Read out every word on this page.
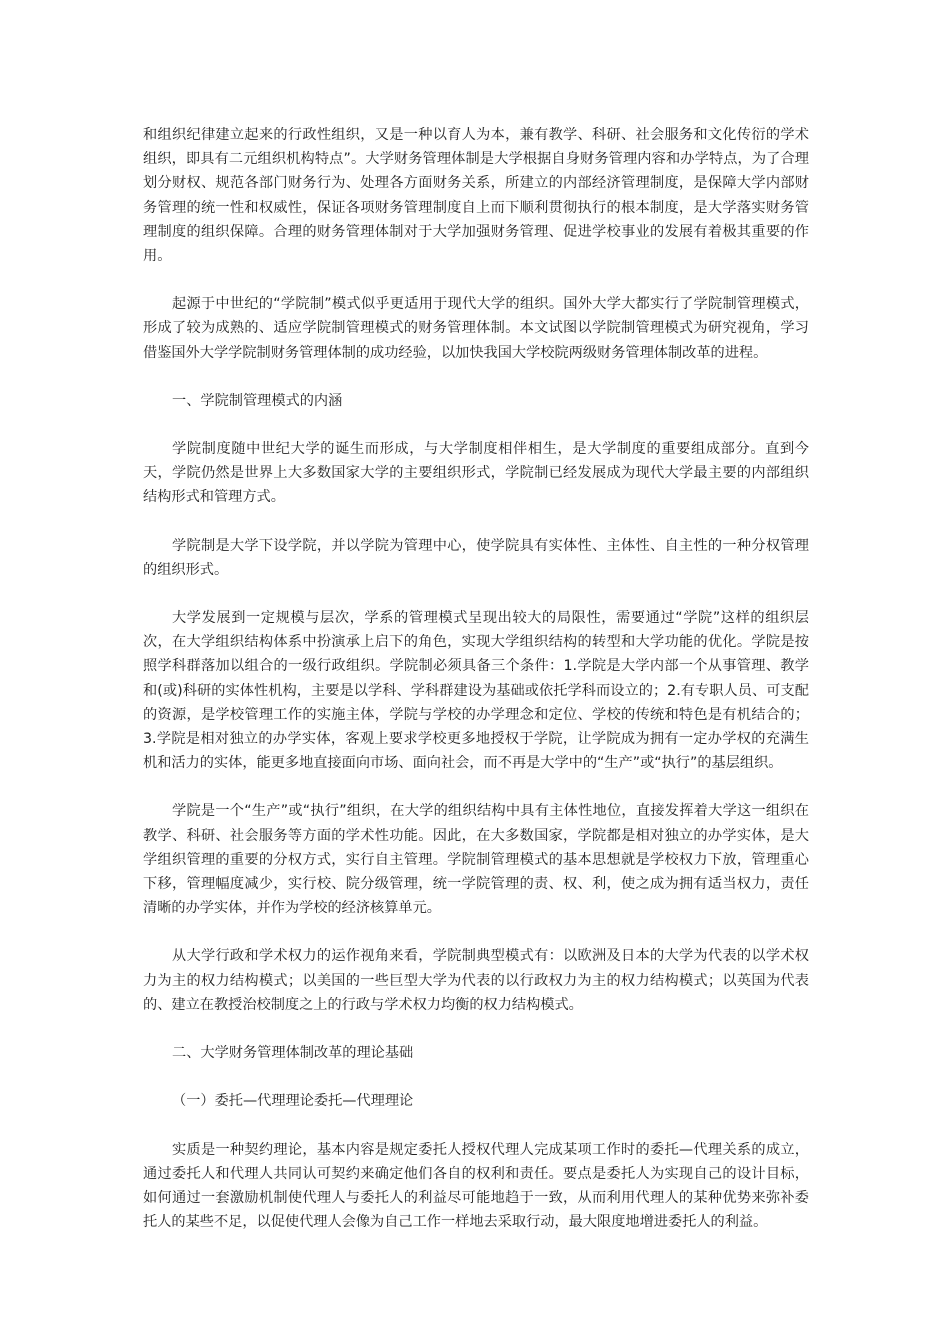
和组织纪律建立起来的行政性组织，又是一种以育人为本，兼有教学、科研、社会服务和文化传衍的学术组织，即具有二元组织机构特点”。大学财务管理体制是大学根据自身财务管理内容和办学特点，为了合理划分财权、规范各部门财务行为、处理各方面财务关系，所建立的内部经济管理制度，是保障大学内部财务管理的统一性和权威性，保证各项财务管理制度自上而下顺利贯彻执行的根本制度，是大学落实财务管理制度的组织保障。合理的财务管理体制对于大学加强财务管理、促进学校事业的发展有着极其重要的作用。

起源于中世纪的“学院制”模式似乎更适用于现代大学的组织。国外大学大都实行了学院制管理模式，形成了较为成熟的、适应学院制管理模式的财务管理体制。本文试图以学院制管理模式为研究视角，学习借鉴国外大学学院制财务管理体制的成功经验，以加快我国大学校院两级财务管理体制改革的进程。

一、学院制管理模式的内涵

学院制度随中世纪大学的诞生而形成，与大学制度相伴相生，是大学制度的重要组成部分。直到今天，学院仍然是世界上大多数国家大学的主要组织形式，学院制已经发展成为现代大学最主要的内部组织结构形式和管理方式。

学院制是大学下设学院，并以学院为管理中心，使学院具有实体性、主体性、自主性的一种分权管理的组织形式。

大学发展到一定规模与层次，学系的管理模式呈现出较大的局限性，需要通过“学院”这样的组织层次，在大学组织结构体系中扮演承上启下的角色，实现大学组织结构的转型和大学功能的优化。学院是按照学科群落加以组合的一级行政组织。学院制必须具备三个条件：1.学院是大学内部一个从事管理、教学和(或)科研的实体性机构，主要是以学科、学科群建设为基础或依托学科而设立的；2.有专职人员、可支配的资源，是学校管理工作的实施主体，学院与学校的办学理念和定位、学校的传统和特色是有机结合的；3.学院是相对独立的办学实体，客观上要求学校更多地授权于学院，让学院成为拥有一定办学权的充满生机和活力的实体，能更多地直接面向市场、面向社会，而不再是大学中的“生产”或“执行”的基层组织。

学院是一个“生产”或“执行”组织，在大学的组织结构中具有主体性地位，直接发挥着大学这一组织在教学、科研、社会服务等方面的学术性功能。因此，在大多数国家，学院都是相对独立的办学实体，是大学组织管理的重要的分权方式，实行自主管理。学院制管理模式的基本思想就是学校权力下放，管理重心下移，管理幅度减少，实行校、院分级管理，统一学院管理的责、权、利，使之成为拥有适当权力，责任清晰的办学实体，并作为学校的经济核算单元。

从大学行政和学术权力的运作视角来看，学院制典型模式有：以欧洲及日本的大学为代表的以学术权力为主的权力结构模式；以美国的一些巨型大学为代表的以行政权力为主的权力结构模式；以英国为代表的、建立在教授治校制度之上的行政与学术权力均衡的权力结构模式。

二、大学财务管理体制改革的理论基础

（一）委托—代理理论委托—代理理论

实质是一种契约理论，基本内容是规定委托人授权代理人完成某项工作时的委托—代理关系的成立，通过委托人和代理人共同认可契约来确定他们各自的权利和责任。要点是委托人为实现自己的设计目标，如何通过一套激励机制使代理人与委托人的利益尽可能地趋于一致，从而利用代理人的某种优势来弥补委托人的某些不足，以促使代理人会像为自己工作一样地去采取行动，最大限度地增进委托人的利益。
